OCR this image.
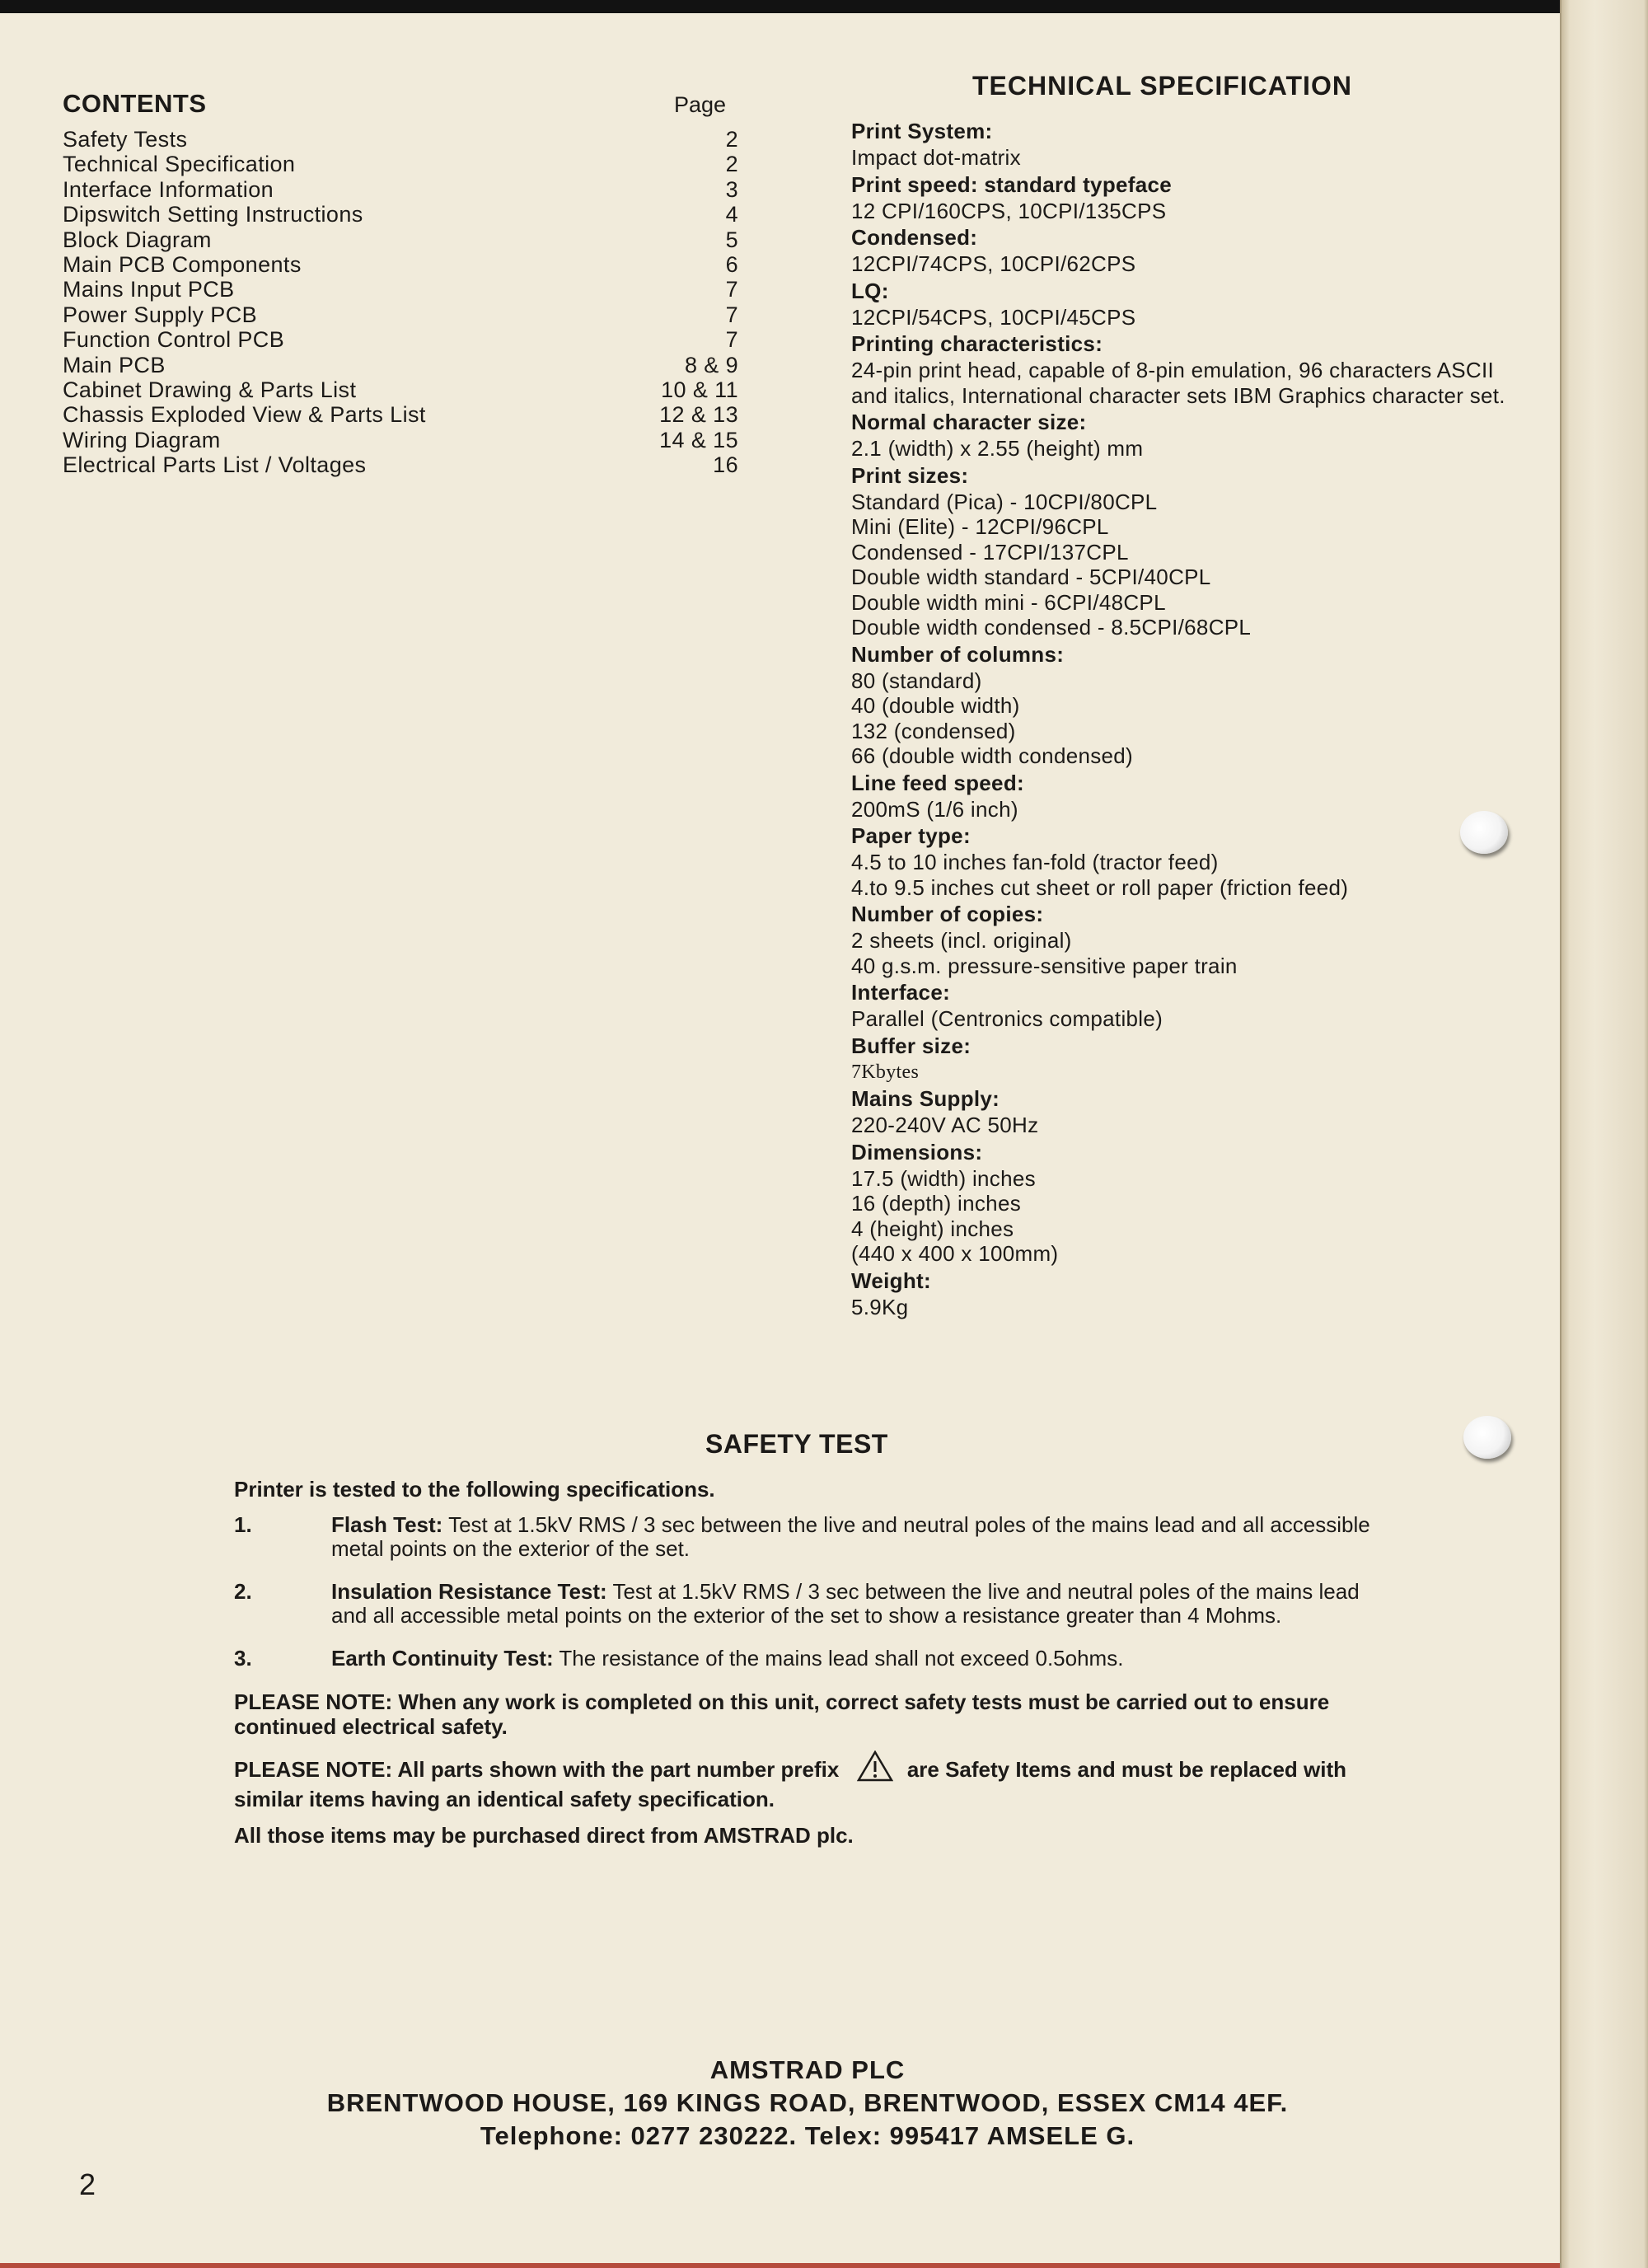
CONTENTS	Page
Safety Tests	2
Technical Specification	2
Interface Information	3
Dipswitch Setting Instructions	4
Block Diagram	5
Main PCB Components	6
Mains Input PCB	7
Power Supply PCB	7
Function Control PCB	7
Main PCB	8 & 9
Cabinet Drawing & Parts List	10 & 11
Chassis Exploded View & Parts List	12 & 13
Wiring Diagram	14 & 15
Electrical Parts List / Voltages	16
TECHNICAL SPECIFICATION
Print System:
Impact dot-matrix
Print speed: standard typeface
12 CPI/160CPS, 10CPI/135CPS
Condensed:
12CPI/74CPS, 10CPI/62CPS
LQ:
12CPI/54CPS, 10CPI/45CPS
Printing characteristics:
24-pin print head, capable of 8-pin emulation, 96 characters ASCII and italics, International character sets IBM Graphics character set.
Normal character size:
2.1 (width) x 2.55 (height) mm
Print sizes:
Standard (Pica) - 10CPI/80CPL
Mini (Elite) - 12CPI/96CPL
Condensed - 17CPI/137CPL
Double width standard - 5CPI/40CPL
Double width mini - 6CPI/48CPL
Double width condensed - 8.5CPI/68CPL
Number of columns:
80 (standard)
40 (double width)
132 (condensed)
66 (double width condensed)
Line feed speed:
200mS (1/6 inch)
Paper type:
4.5 to 10 inches fan-fold (tractor feed)
4.to 9.5 inches cut sheet or roll paper (friction feed)
Number of copies:
2 sheets (incl. original)
40 g.s.m. pressure-sensitive paper train
Interface:
Parallel (Centronics compatible)
Buffer size:
7Kbytes
Mains Supply:
220-240V AC 50Hz
Dimensions:
17.5 (width) inches
16 (depth) inches
4 (height) inches
(440 x 400 x 100mm)
Weight:
5.9Kg
SAFETY TEST
Printer is tested to the following specifications.
1.	Flash Test: Test at 1.5kV RMS / 3 sec between the live and neutral poles of the mains lead and all accessible metal points on the exterior of the set.
2.	Insulation Resistance Test: Test at 1.5kV RMS / 3 sec between the live and neutral poles of the mains lead and all accessible metal points on the exterior of the set to show a resistance greater than 4 Mohms.
3.	Earth Continuity Test: The resistance of the mains lead shall not exceed 0.5ohms.
PLEASE NOTE: When any work is completed on this unit, correct safety tests must be carried out to ensure continued electrical safety.
PLEASE NOTE: All parts shown with the part number prefix	are Safety Items and must be replaced with similar items having an identical safety specification.
All those items may be purchased direct from AMSTRAD plc.
AMSTRAD PLC
BRENTWOOD HOUSE, 169 KINGS ROAD, BRENTWOOD, ESSEX CM14 4EF.
Telephone: 0277 230222. Telex: 995417 AMSELE G.
2
